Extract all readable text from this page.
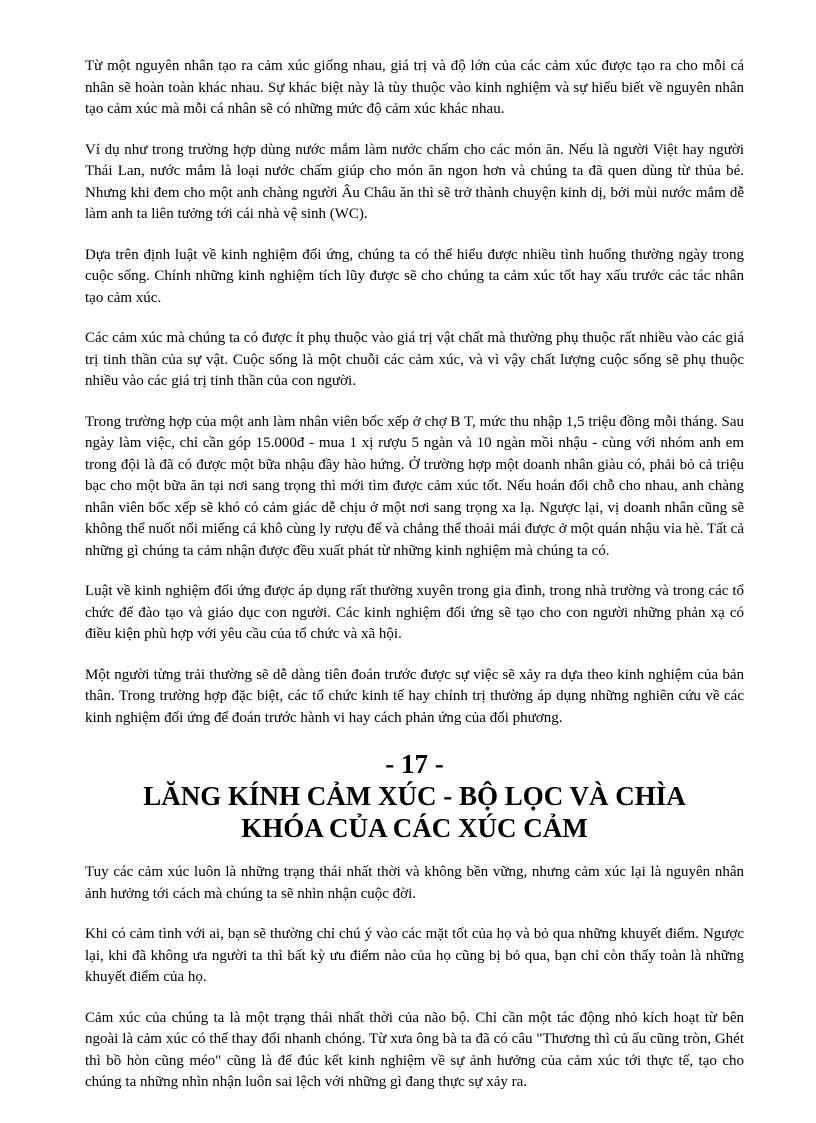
Từ một nguyên nhân tạo ra cảm xúc giống nhau, giá trị và độ lớn của các cảm xúc được tạo ra cho mỗi cá nhân sẽ hoàn toàn khác nhau. Sự khác biệt này là tùy thuộc vào kinh nghiệm và sự hiểu biết về nguyên nhân tạo cảm xúc mà mỗi cá nhân sẽ có những mức độ cảm xúc khác nhau.

Ví dụ như trong trường hợp dùng nước mắm làm nước chấm cho các món ăn. Nếu là người Việt hay người Thái Lan, nước mắm là loại nước chấm giúp cho món ăn ngon hơn và chúng ta đã quen dùng từ thủa bé. Nhưng khi đem cho một anh chàng người Âu Châu ăn thì sẽ trở thành chuyện kinh dị, bởi mùi nước mắm dễ làm anh ta liên tưởng tới cái nhà vệ sinh (WC).

Dựa trên định luật về kinh nghiệm đối ứng, chúng ta có thể hiểu được nhiều tình huống thường ngày trong cuộc sống. Chính những kinh nghiệm tích lũy được sẽ cho chúng ta cảm xúc tốt hay xấu trước các tác nhân tạo cảm xúc.

Các cảm xúc mà chúng ta có được ít phụ thuộc vào giá trị vật chất mà thường phụ thuộc rất nhiều vào các giá trị tinh thần của sự vật. Cuộc sống là một chuỗi các cảm xúc, và vì vậy chất lượng cuộc sống sẽ phụ thuộc nhiều vào các giá trị tinh thần của con người.

Trong trường hợp của một anh làm nhân viên bốc xếp ở chợ B T, mức thu nhập 1,5 triệu đồng mỗi tháng. Sau ngày làm việc, chỉ cần góp 15.000đ - mua 1 xị rượu 5 ngàn và 10 ngàn mồi nhậu - cùng với nhóm anh em trong đội là đã có được một bữa nhậu đầy hào hứng. Ở trường hợp một doanh nhân giàu có, phải bỏ cả triệu bạc cho một bữa ăn tại nơi sang trọng thì mới tìm được cảm xúc tốt. Nếu hoán đổi chỗ cho nhau, anh chàng nhân viên bốc xếp sẽ khó có cảm giác dễ chịu ở một nơi sang trọng xa lạ. Ngược lại, vị doanh nhân cũng sẽ không thể nuốt nổi miếng cá khô cùng ly rượu đế và chẳng thể thoải mái được ở một quán nhậu vỉa hè. Tất cả những gì chúng ta cảm nhận được đều xuất phát từ những kinh nghiệm mà chúng ta có.

Luật về kinh nghiệm đối ứng được áp dụng rất thường xuyên trong gia đình, trong nhà trường và trong các tổ chức để đào tạo và giáo dục con người. Các kinh nghiệm đối ứng sẽ tạo cho con người những phản xạ có điều kiện phù hợp với yêu cầu của tổ chức và xã hội.

Một người từng trải thường sẽ dễ dàng tiên đoán trước được sự việc sẽ xảy ra dựa theo kinh nghiệm của bản thân. Trong trường hợp đặc biệt, các tổ chức kinh tế hay chính trị thường áp dụng những nghiên cứu về các kinh nghiệm đối ứng để đoán trước hành vi hay cách phản ứng của đối phương.

- 17 -
LĂNG KÍNH CẢM XÚC - BỘ LỌC VÀ CHÌA KHÓA CỦA CÁC XÚC CẢM

Tuy các cảm xúc luôn là những trạng thái nhất thời và không bền vững, nhưng cảm xúc lại là nguyên nhân ảnh hưởng tới cách mà chúng ta sẽ nhìn nhận cuộc đời.

Khi có cảm tình với ai, bạn sẽ thường chỉ chú ý vào các mặt tốt của họ và bỏ qua những khuyết điểm. Ngược lại, khi đã không ưa người ta thì bất kỳ ưu điểm nào của họ cũng bị bỏ qua, bạn chỉ còn thấy toàn là những khuyết điểm của họ.

Cảm xúc của chúng ta là một trạng thái nhất thời của não bộ. Chỉ cần một tác động nhỏ kích hoạt từ bên ngoài là cảm xúc có thể thay đổi nhanh chóng. Từ xưa ông bà ta đã có câu "Thương thì củ ấu cũng tròn, Ghét thì bồ hòn cũng méo" cũng là để đúc kết kinh nghiệm về sự ảnh hưởng của cảm xúc tới thực tế, tạo cho chúng ta những nhìn nhận luôn sai lệch với những gì đang thực sự xảy ra.
